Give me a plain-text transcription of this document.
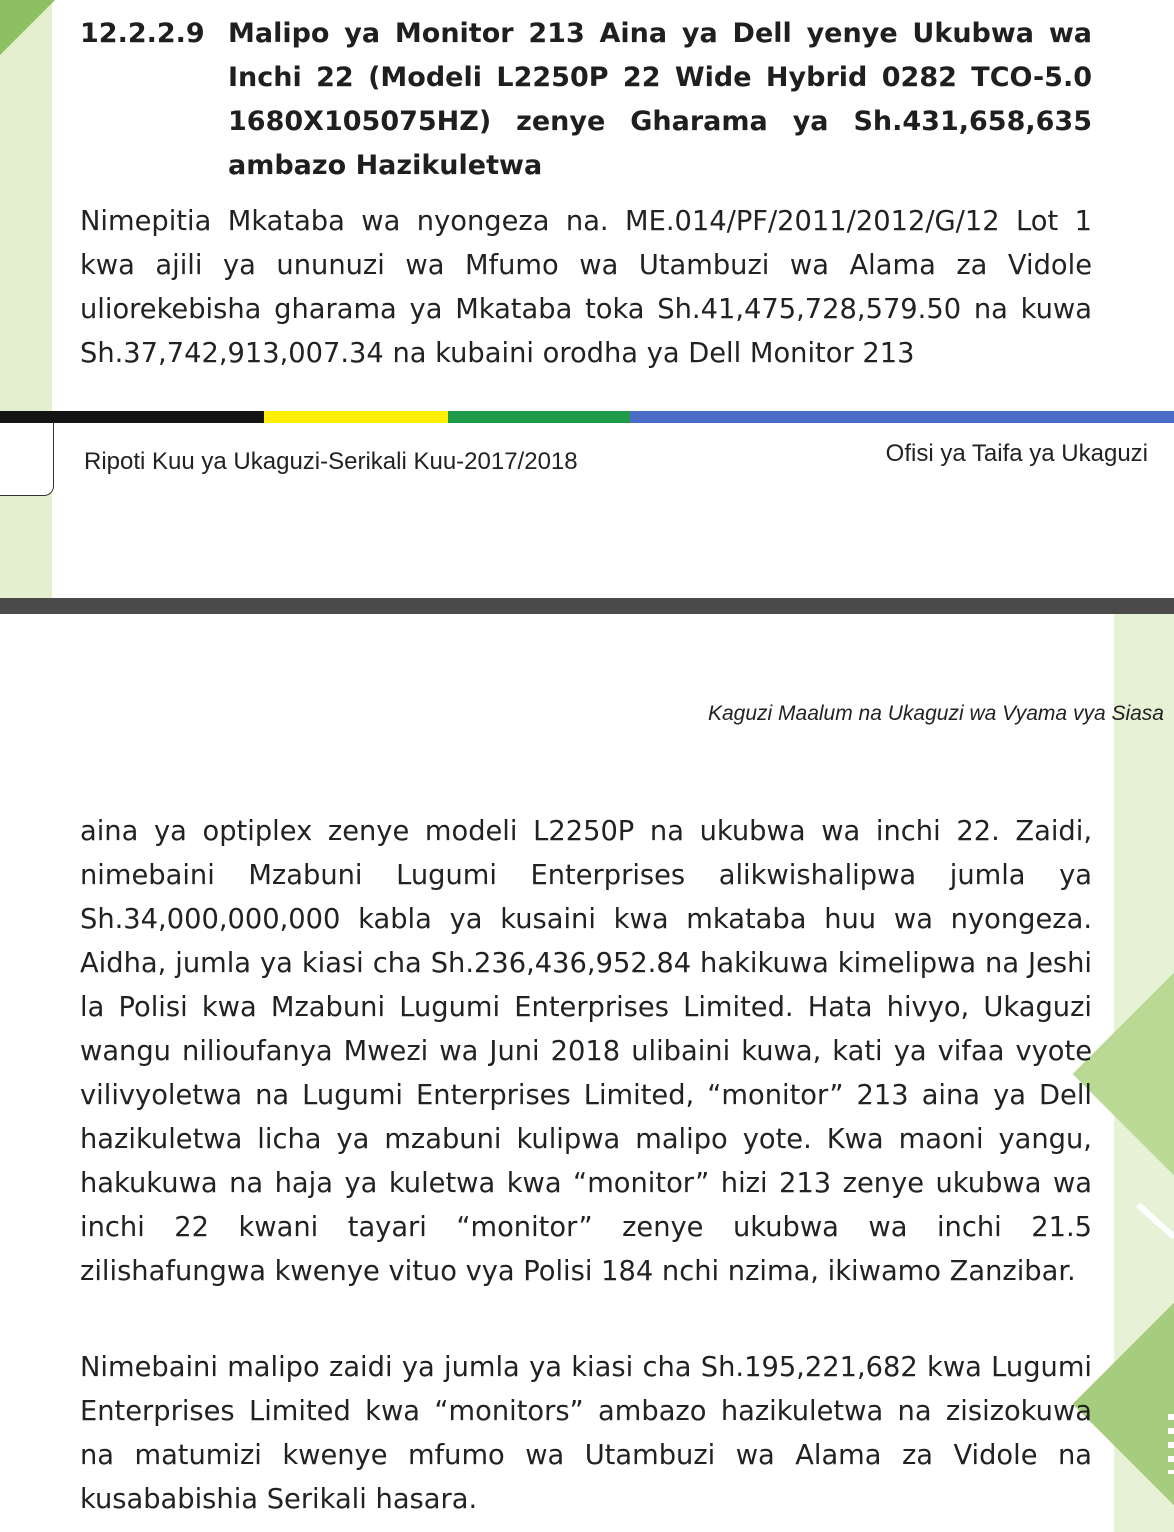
12.2.2.9 Malipo ya Monitor 213 Aina ya Dell yenye Ukubwa wa Inchi 22 (Modeli L2250P 22 Wide Hybrid 0282 TCO-5.0 1680X105075HZ) zenye Gharama ya Sh.431,658,635 ambazo Hazikuletwa
Nimepitia Mkataba wa nyongeza na. ME.014/PF/2011/2012/G/12 Lot 1 kwa ajili ya ununuzi wa Mfumo wa Utambuzi wa Alama za Vidole uliorekebisha gharama ya Mkataba toka Sh.41,475,728,579.50 na kuwa Sh.37,742,913,007.34 na kubaini orodha ya Dell Monitor 213
Ripoti Kuu ya Ukaguzi-Serikali Kuu-2017/2018	Ofisi ya Taifa ya Ukaguzi
Kaguzi Maalum na Ukaguzi wa Vyama vya Siasa
aina ya optiplex zenye modeli L2250P na ukubwa wa inchi 22. Zaidi, nimebaini Mzabuni Lugumi Enterprises alikwishalipwa jumla ya Sh.34,000,000,000 kabla ya kusaini kwa mkataba huu wa nyongeza. Aidha, jumla ya kiasi cha Sh.236,436,952.84 hakikuwa kimelipwa na Jeshi la Polisi kwa Mzabuni Lugumi Enterprises Limited. Hata hivyo, Ukaguzi wangu nilioufanya Mwezi wa Juni 2018 ulibaini kuwa, kati ya vifaa vyote vilivyoletwa na Lugumi Enterprises Limited, “monitor” 213 aina ya Dell hazikuletwa licha ya mzabuni kulipwa malipo yote. Kwa maoni yangu, hakukuwa na haja ya kuletwa kwa “monitor” hizi 213 zenye ukubwa wa inchi 22 kwani tayari “monitor” zenye ukubwa wa inchi 21.5 zilishafungwa kwenye vituo vya Polisi 184 nchi nzima, ikiwamo Zanzibar.
Nimebaini malipo zaidi ya jumla ya kiasi cha Sh.195,221,682 kwa Lugumi Enterprises Limited kwa “monitors” ambazo hazikuletwa na zisizokuwa na matumizi kwenye mfumo wa Utambuzi wa Alama za Vidole na kusababishia Serikali hasara.
